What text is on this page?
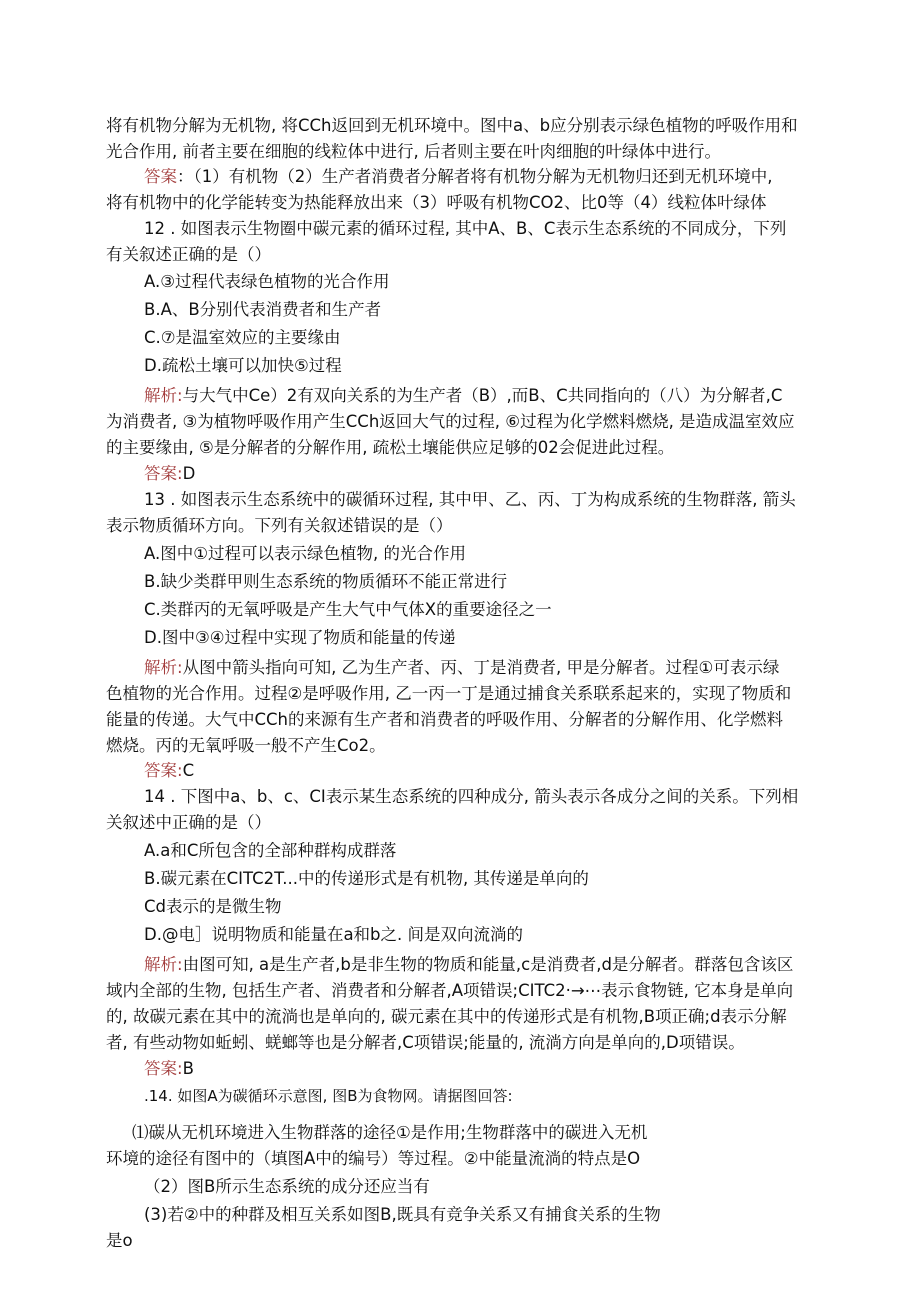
将有机物分解为无机物, 将CCh返回到无机环境中。图中a、b应分别表示绿色植物的呼吸作用和
光合作用, 前者主要在细胞的线粒体中进行, 后者则主要在叶肉细胞的叶绿体中进行。
答案：（1）有机物（2）生产者消费者分解者将有机物分解为无机物归还到无机环境中,
将有机物中的化学能转变为热能释放出来（3）呼吸有机物CO2、比0等（4）线粒体叶绿体
12 . 如图表示生物圈中碳元素的循环过程, 其中A、B、C表示生态系统的不同成分，下列
有关叙述正确的是（）
A.③过程代表绿色植物的光合作用
B.A、B分别代表消费者和生产者
C.⑦是温室效应的主要缘由
D.疏松土壤可以加快⑤过程
解析:与大气中Ce）2有双向关系的为生产者（B）,而B、C共同指向的（八）为分解者,C
为消费者, ③为植物呼吸作用产生CCh返回大气的过程, ⑥过程为化学燃料燃烧, 是造成温室效应
的主要缘由, ⑤是分解者的分解作用, 疏松土壤能供应足够的02会促进此过程。
答案:D
13 . 如图表示生态系统中的碳循环过程, 其中甲、乙、丙、丁为构成系统的生物群落, 箭头
表示物质循环方向。下列有关叙述错误的是（）
A.图中①过程可以表示绿色植物, 的光合作用
B.缺少类群甲则生态系统的物质循环不能正常进行
C.类群丙的无氧呼吸是产生大气中气体X的重要途径之一
D.图中③④过程中实现了物质和能量的传递
解析:从图中箭头指向可知, 乙为生产者、丙、丁是消费者, 甲是分解者。过程①可表示绿
色植物的光合作用。过程②是呼吸作用, 乙一丙一丁是通过捕食关系联系起来的，实现了物质和
能量的传递。大气中CCh的来源有生产者和消费者的呼吸作用、分解者的分解作用、化学燃料
燃烧。丙的无氧呼吸一般不产生Co2。
答案:C
14 . 下图中a、b、c、CI表示某生态系统的四种成分, 箭头表示各成分之间的关系。下列相
关叙述中正确的是（）
A.a和C所包含的全部种群构成群落
B.碳元素在CITC2T...中的传递形式是有机物, 其传递是单向的
Cd表示的是微生物
D.@电］说明物质和能量在a和b之. 间是双向流淌的
解析:由图可知, a是生产者,b是非生物的物质和能量,c是消费者,d是分解者。群落包含该区
域内全部的生物, 包括生产者、消费者和分解者,A项错误;CITC2·→⋯表示食物链, 它本身是单向
的, 故碳元素在其中的流淌也是单向的, 碳元素在其中的传递形式是有机物,B项正确;d表示分解
者, 有些动物如蚯蚓、蜣螂等也是分解者,C项错误;能量的, 流淌方向是单向的,D项错误。
答案:B
.14. 如图A为碳循环示意图, 图B为食物网。请据图回答:
⑴碳从无机环境进入生物群落的途径①是作用;生物群落中的碳进入无机
环境的途径有图中的（填图A中的编号）等过程。②中能量流淌的特点是O
（2）图B所示生态系统的成分还应当有
(3)若②中的种群及相互关系如图B,既具有竞争关系又有捕食关系的生物
是o
